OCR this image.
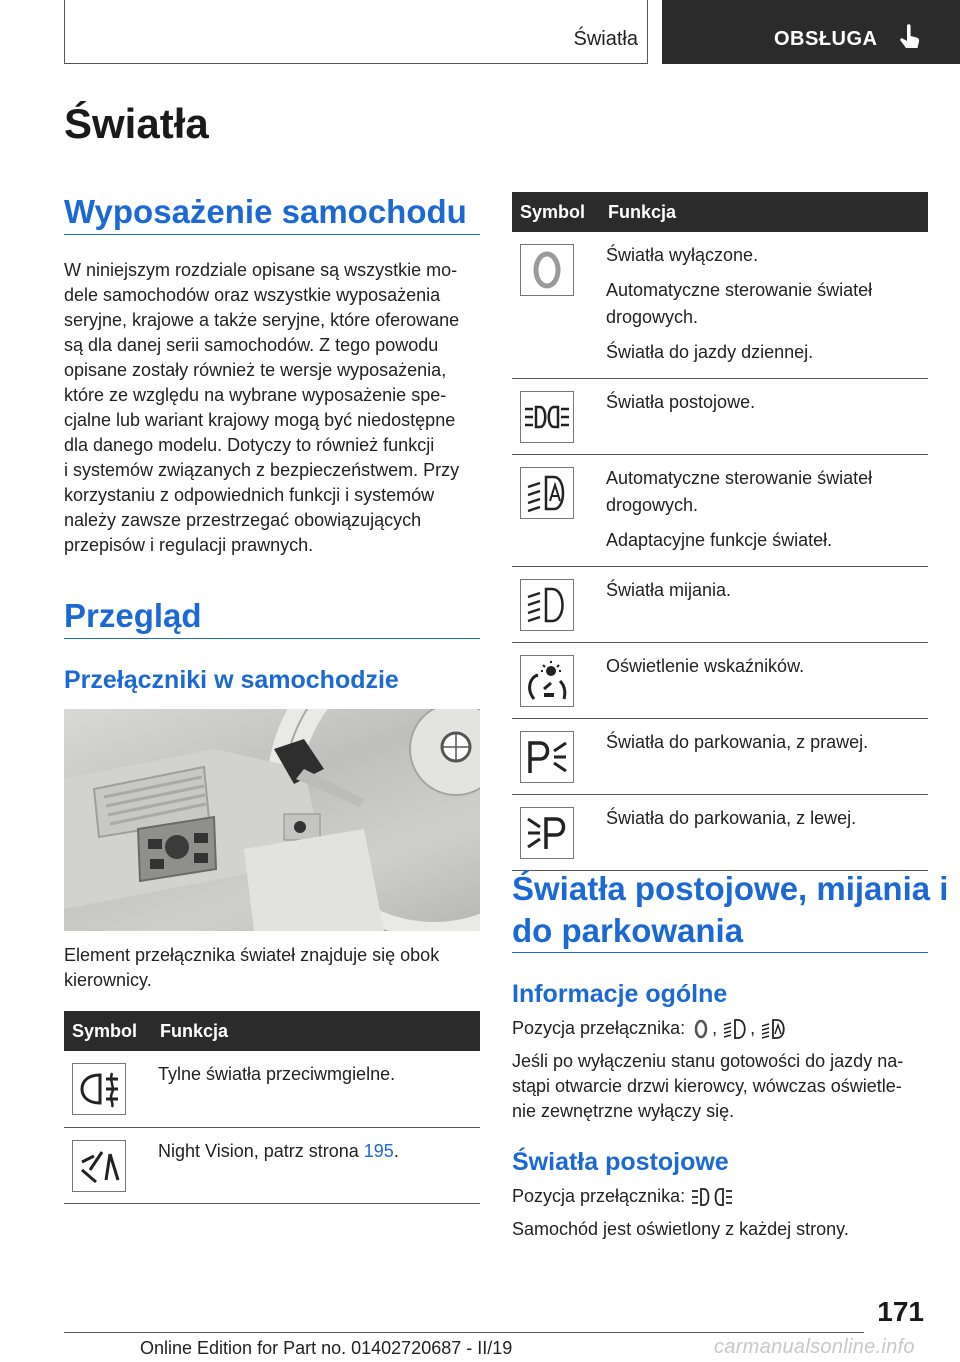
Światła	OBSŁUGA
Światła
Wyposażenie samochodu

W niniejszym rozdziale opisane są wszystkie mo-
dele samochodów oraz wszystkie wyposażenia
seryjne, krajowe a także seryjne, które oferowane
są dla danej serii samochodów. Z tego powodu
opisane zostały również te wersje wyposażenia,
które ze względu na wybrane wyposażenie spe-
cjalne lub wariant krajowy mogą być niedostępne
dla danego modelu. Dotyczy to również funkcji
i systemów związanych z bezpieczeństwem. Przy
korzystaniu z odpowiednich funkcji i systemów
należy zawsze przestrzegać obowiązujących
przepisów i regulacji prawnych.

Przegląd
Przełączniki w samochodzie

Element przełącznika świateł znajduje się obok
kierownicy.

Symbol	Funkcja

Tylne światła przeciwmgielne.

Night Vision, patrz strona 195.
Symbol	Funkcja

Światła wyłączone.
Automatyczne sterowanie świateł drogowych.
Światła do jazdy dziennej.

Światła postojowe.

Automatyczne sterowanie świateł drogowych.
Adaptacyjne funkcje świateł.

Światła mijania.

Oświetlenie wskaźników.

Światła do parkowania, z prawej.

Światła do parkowania, z lewej.
Światła postojowe, mijania i
do parkowania
Informacje ogólne

Pozycja przełącznika: , ,

Jeśli po wyłączeniu stanu gotowości do jazdy na-
stąpi otwarcie drzwi kierowcy, wówczas oświetle-
nie zewnętrzne wyłączy się.

Światła postojowe

Pozycja przełącznika:

Samochód jest oświetlony z każdej strony.

171
Online Edition for Part no. 01402720687 - II/19	carmanualsonline.info
